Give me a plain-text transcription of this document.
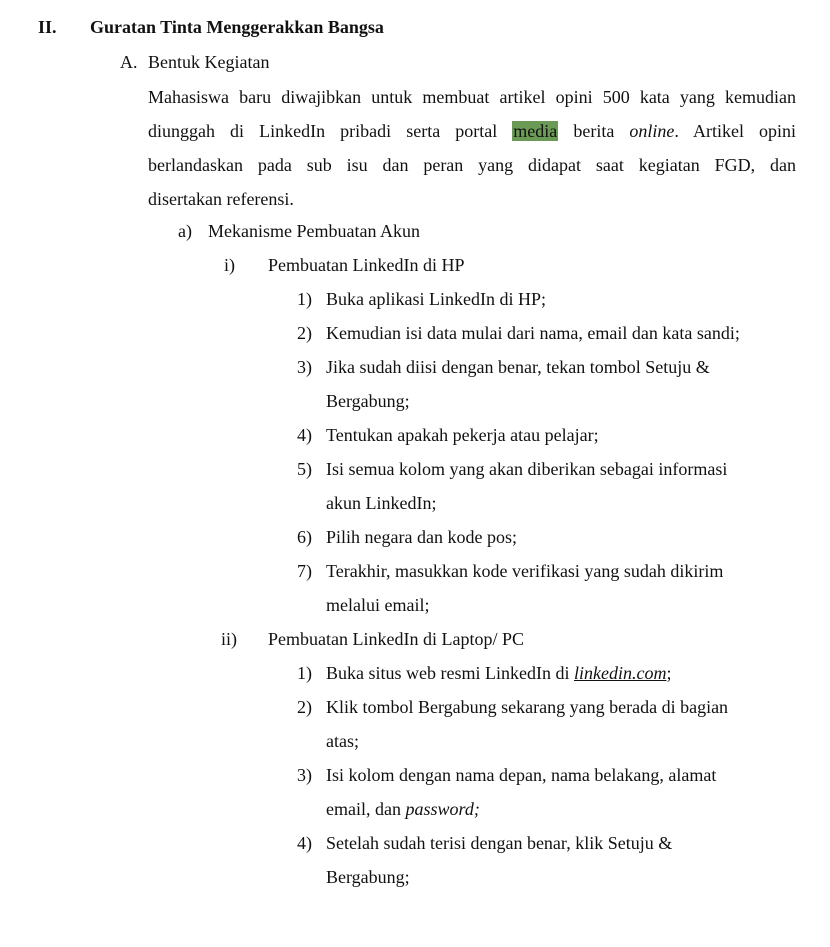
II. Guratan Tinta Menggerakkan Bangsa
A. Bentuk Kegiatan
Mahasiswa baru diwajibkan untuk membuat artikel opini 500 kata yang kemudian
diunggah di LinkedIn pribadi serta portal media berita online. Artikel opini
berlandaskan pada sub isu dan peran yang didapat saat kegiatan FGD, dan
disertakan referensi.
a) Mekanisme Pembuatan Akun
i) Pembuatan LinkedIn di HP
1) Buka aplikasi LinkedIn di HP;
2) Kemudian isi data mulai dari nama, email dan kata sandi;
3) Jika sudah diisi dengan benar, tekan tombol Setuju &
Bergabung;
4) Tentukan apakah pekerja atau pelajar;
5) Isi semua kolom yang akan diberikan sebagai informasi
akun LinkedIn;
6) Pilih negara dan kode pos;
7) Terakhir, masukkan kode verifikasi yang sudah dikirim
melalui email;
ii) Pembuatan LinkedIn di Laptop/ PC
1) Buka situs web resmi LinkedIn di linkedin.com;
2) Klik tombol Bergabung sekarang yang berada di bagian
atas;
3) Isi kolom dengan nama depan, nama belakang, alamat
email, dan password;
4) Setelah sudah terisi dengan benar, klik Setuju &
Bergabung;
